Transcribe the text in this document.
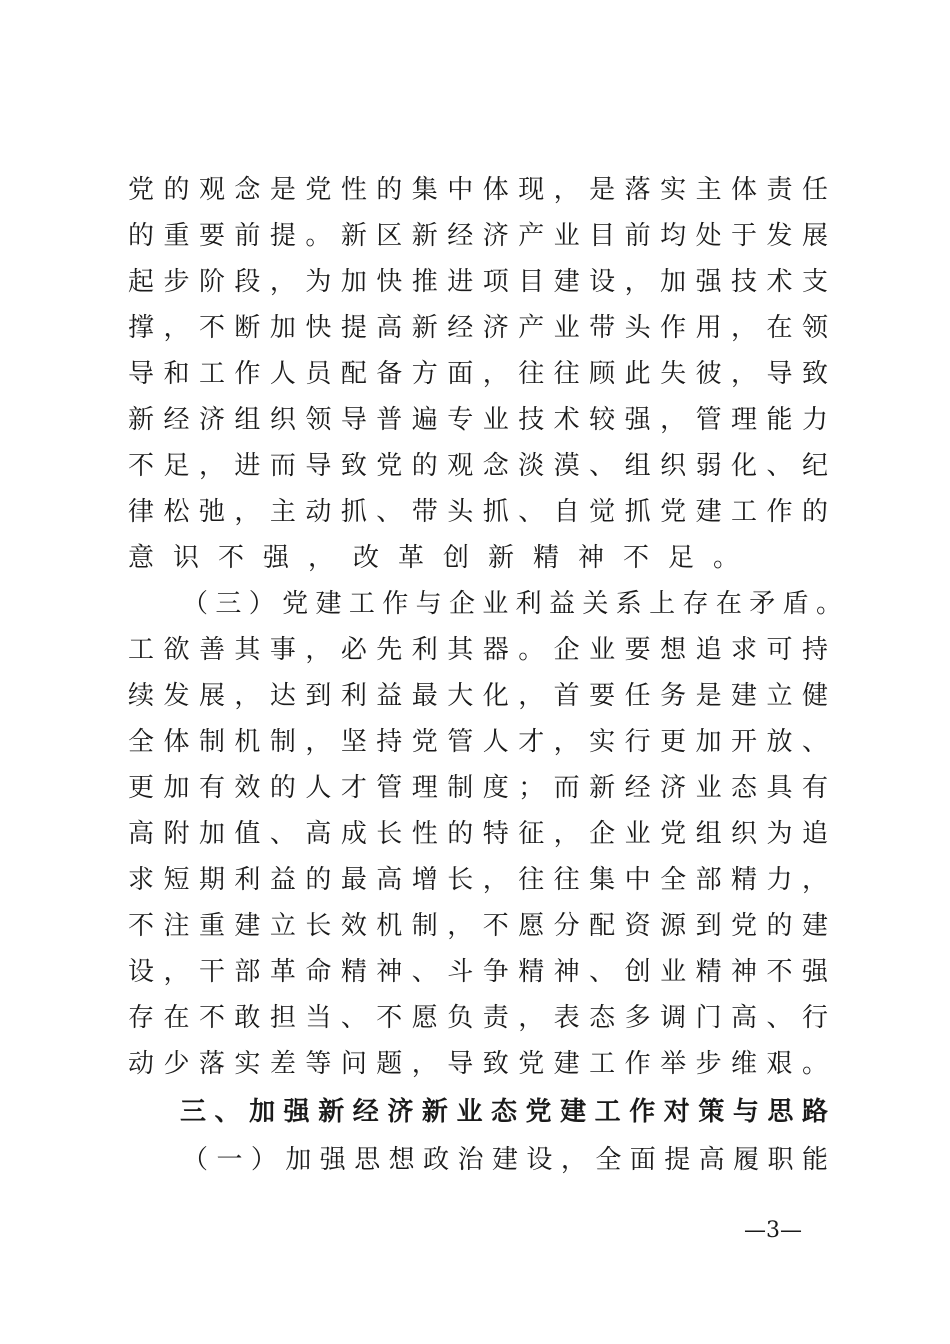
党的观念是党性的集中体现，是落实主体责任
的重要前提。新区新经济产业目前均处于发展
起步阶段，为加快推进项目建设，加强技术支
撑，不断加快提高新经济产业带头作用，在领
导和工作人员配备方面，往往顾此失彼，导致
新经济组织领导普遍专业技术较强，管理能力
不足，进而导致党的观念淡漠、组织弱化、纪
律松弛，主动抓、带头抓、自觉抓党建工作的
意识不强，改革创新精神不足。
（三）党建工作与企业利益关系上存在矛盾。
工欲善其事，必先利其器。企业要想追求可持
续发展，达到利益最大化，首要任务是建立健
全体制机制，坚持党管人才，实行更加开放、
更加有效的人才管理制度；而新经济业态具有
高附加值、高成长性的特征，企业党组织为追
求短期利益的最高增长，往往集中全部精力，
不注重建立长效机制，不愿分配资源到党的建
设，干部革命精神、斗争精神、创业精神不强
存在不敢担当、不愿负责，表态多调门高、行
动少落实差等问题，导致党建工作举步维艰。
三、加强新经济新业态党建工作对策与思路
（一）加强思想政治建设，全面提高履职能
—3—
